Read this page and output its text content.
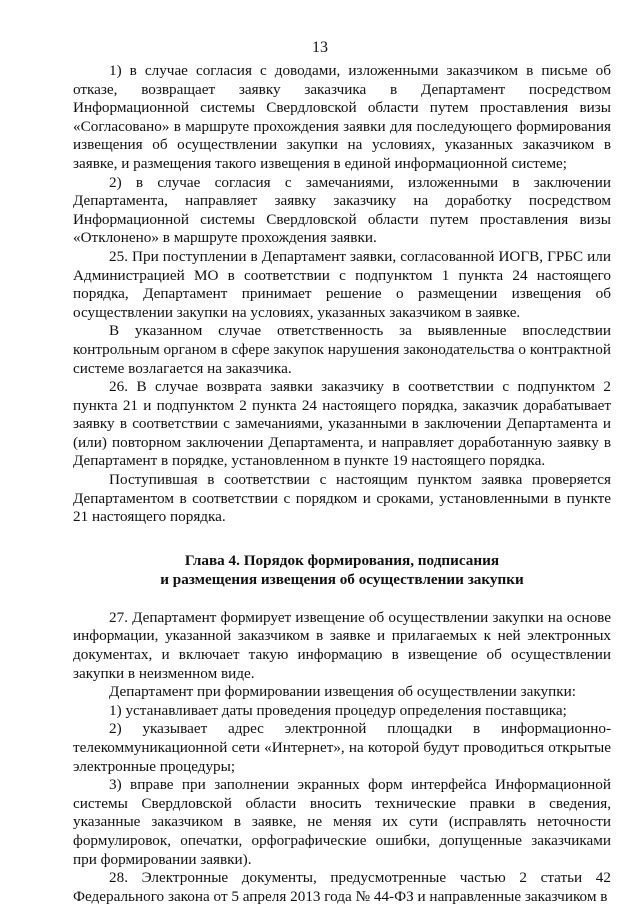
13

1) в случае согласия с доводами, изложенными заказчиком в письме об отказе, возвращает заявку заказчика в Департамент посредством Информационной системы Свердловской области путем проставления визы «Согласовано» в маршруте прохождения заявки для последующего формирования извещения об осуществлении закупки на условиях, указанных заказчиком в заявке, и размещения такого извещения в единой информационной системе;

2) в случае согласия с замечаниями, изложенными в заключении Департамента, направляет заявку заказчику на доработку посредством Информационной системы Свердловской области путем проставления визы «Отклонено» в маршруте прохождения заявки.

25. При поступлении в Департамент заявки, согласованной ИОГВ, ГРБС или Администрацией МО в соответствии с подпунктом 1 пункта 24 настоящего порядка, Департамент принимает решение о размещении извещения об осуществлении закупки на условиях, указанных заказчиком в заявке.

В указанном случае ответственность за выявленные впоследствии контрольным органом в сфере закупок нарушения законодательства о контрактной системе возлагается на заказчика.

26. В случае возврата заявки заказчику в соответствии с подпунктом 2 пункта 21 и подпунктом 2 пункта 24 настоящего порядка, заказчик дорабатывает заявку в соответствии с замечаниями, указанными в заключении Департамента и (или) повторном заключении Департамента, и направляет доработанную заявку в Департамент в порядке, установленном в пункте 19 настоящего порядка.

Поступившая в соответствии с настоящим пунктом заявка проверяется Департаментом в соответствии с порядком и сроками, установленными в пункте 21 настоящего порядка.

Глава 4. Порядок формирования, подписания
и размещения извещения об осуществлении закупки

27. Департамент формирует извещение об осуществлении закупки на основе информации, указанной заказчиком в заявке и прилагаемых к ней электронных документах, и включает такую информацию в извещение об осуществлении закупки в неизменном виде.

Департамент при формировании извещения об осуществлении закупки:

1) устанавливает даты проведения процедур определения поставщика;

2) указывает адрес электронной площадки в информационно-телекоммуникационной сети «Интернет», на которой будут проводиться открытые электронные процедуры;

3) вправе при заполнении экранных форм интерфейса Информационной системы Свердловской области вносить технические правки в сведения, указанные заказчиком в заявке, не меняя их сути (исправлять неточности формулировок, опечатки, орфографические ошибки, допущенные заказчиками при формировании заявки).

28. Электронные документы, предусмотренные частью 2 статьи 42 Федерального закона от 5 апреля 2013 года № 44-ФЗ и направленные заказчиком в
